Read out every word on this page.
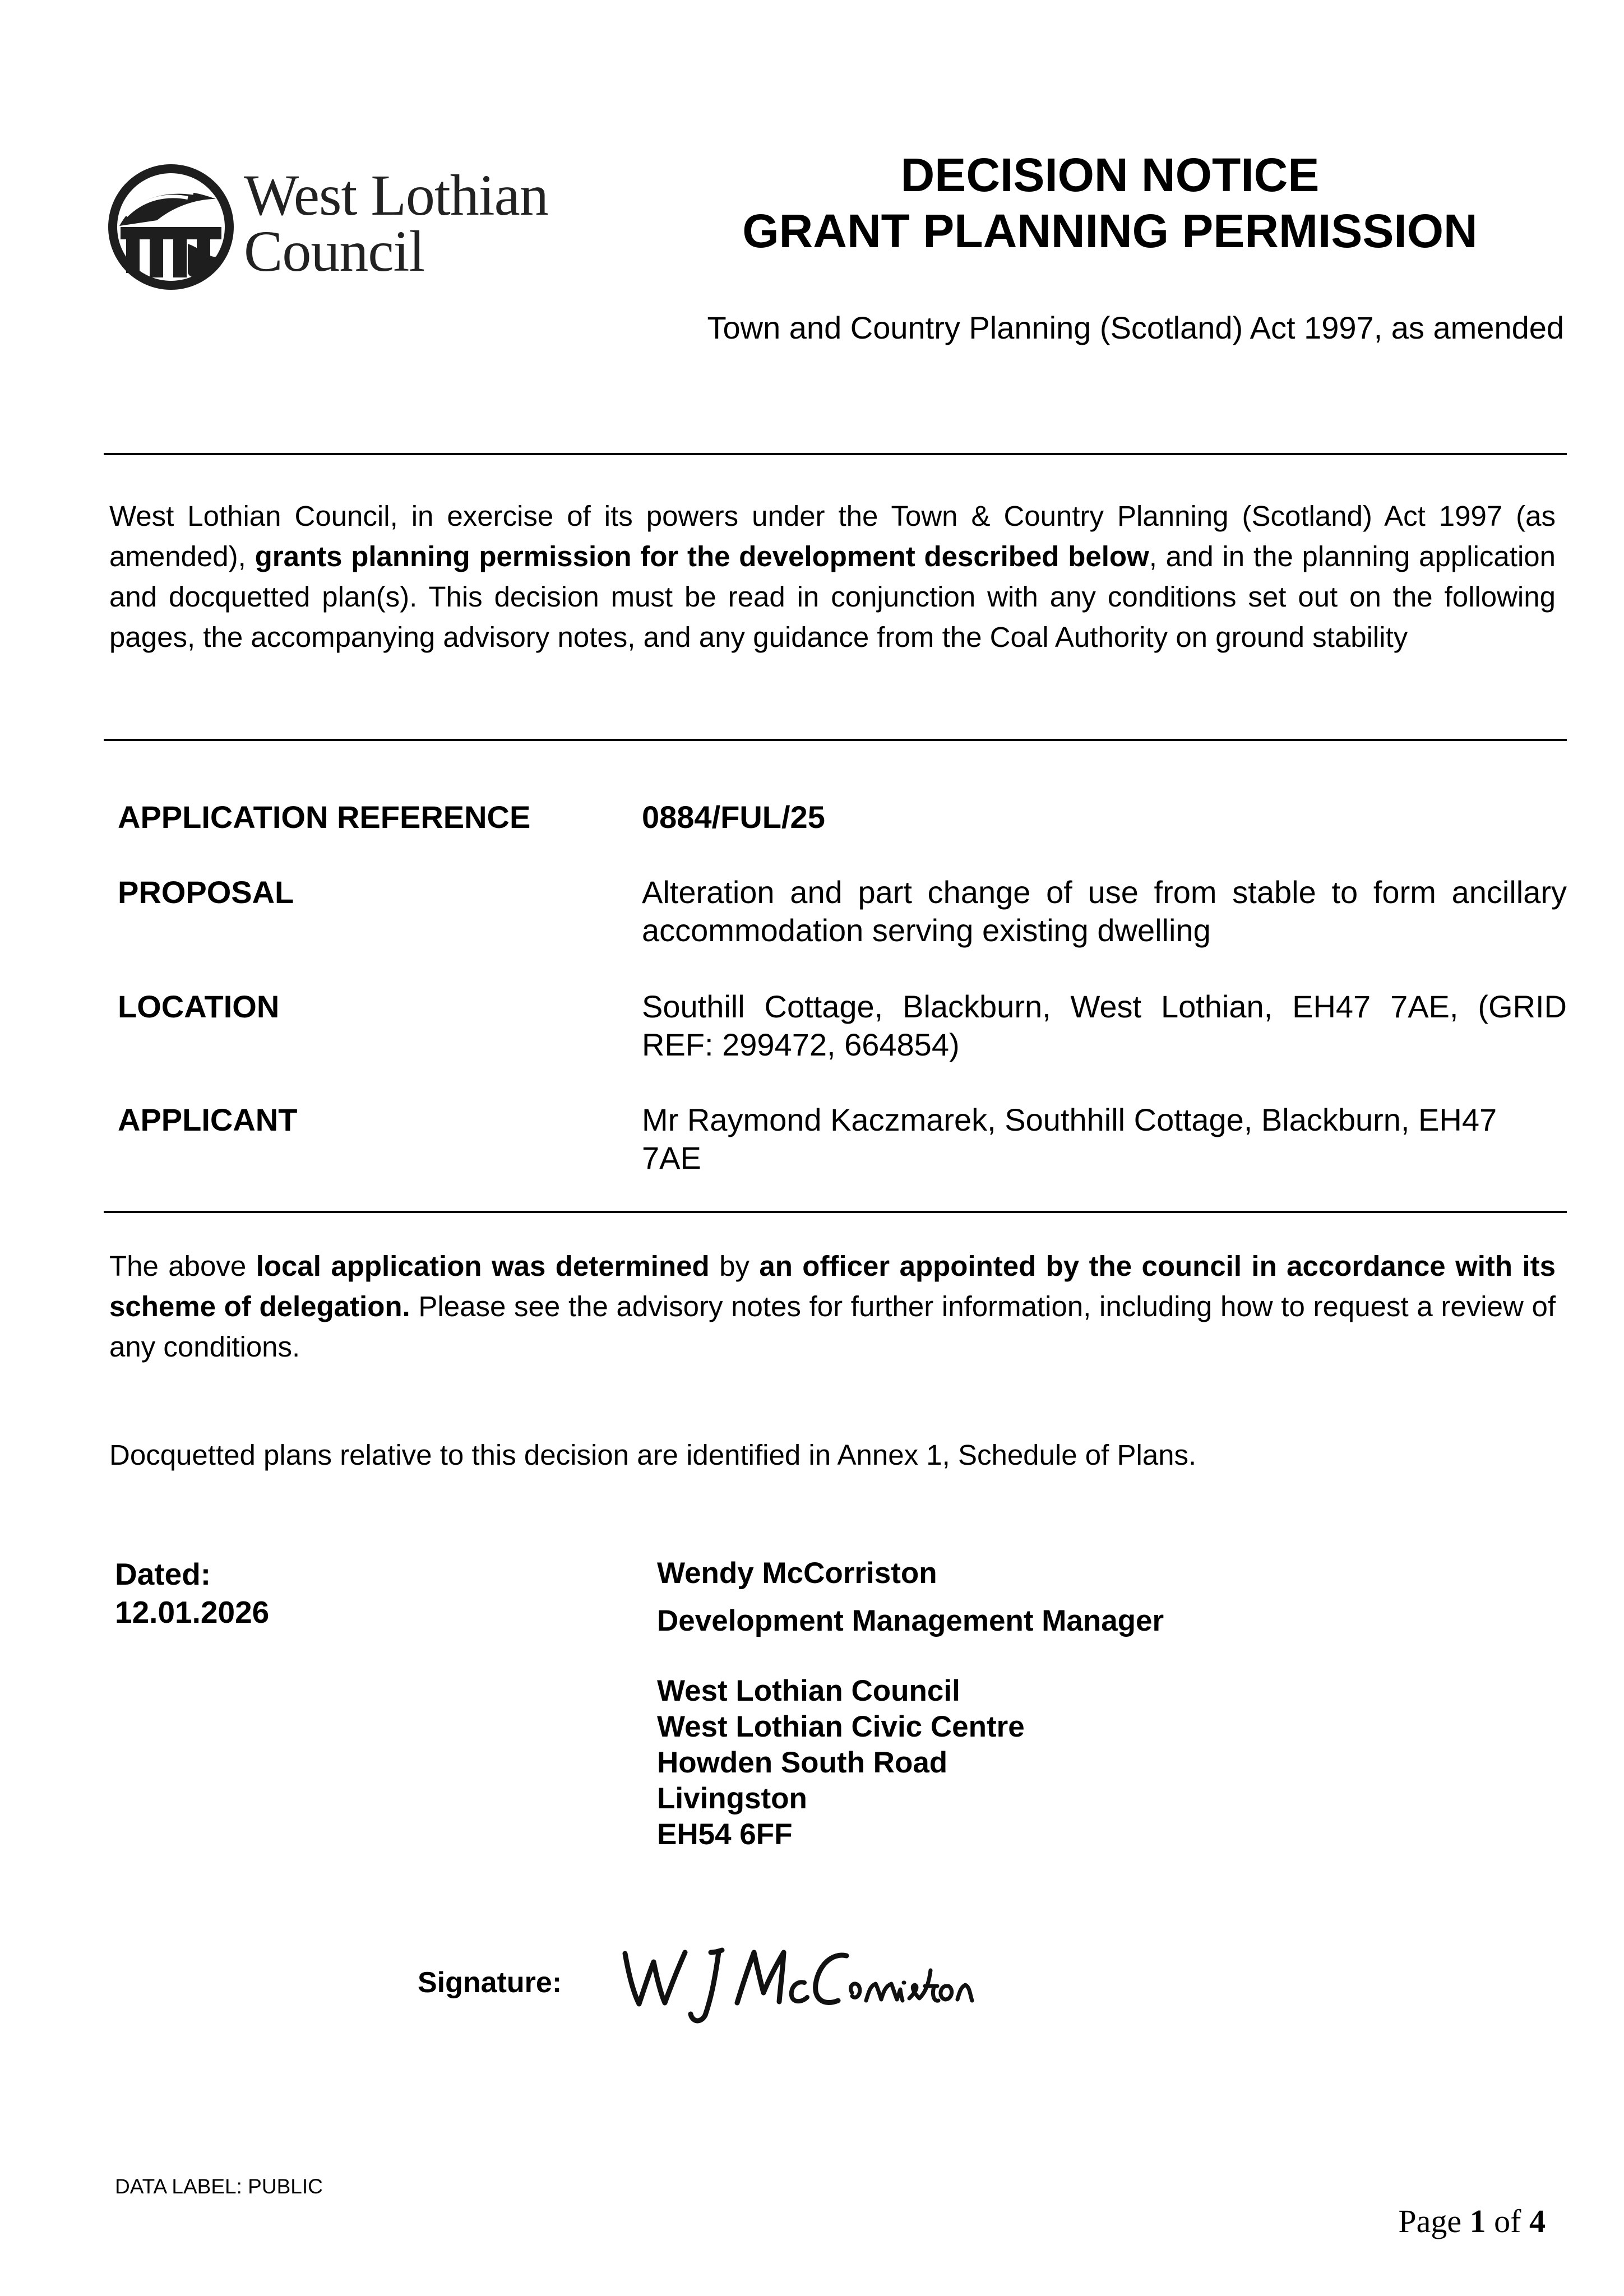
West Lothian
Council
DECISION NOTICE
GRANT PLANNING PERMISSION
Town and Country Planning (Scotland) Act 1997, as amended
West Lothian Council, in exercise of its powers under the Town & Country Planning (Scotland) Act 1997 (as amended), grants planning permission for the development described below, and in the planning application and docquetted plan(s). This decision must be read in conjunction with any conditions set out on the following pages, the accompanying advisory notes, and any guidance from the Coal Authority on ground stability
APPLICATION REFERENCE	0884/FUL/25
PROPOSAL	Alteration and part change of use from stable to form ancillary accommodation serving existing dwelling
LOCATION	Southill Cottage, Blackburn, West Lothian, EH47 7AE, (GRID REF: 299472, 664854)
APPLICANT	Mr Raymond Kaczmarek, Southhill Cottage, Blackburn, EH47 7AE
The above local application was determined by an officer appointed by the council in accordance with its scheme of delegation. Please see the advisory notes for further information, including how to request a review of any conditions.
Docquetted plans relative to this decision are identified in Annex 1, Schedule of Plans.
Dated:
12.01.2026
Wendy McCorriston
Development Management Manager
West Lothian Council
West Lothian Civic Centre
Howden South Road
Livingston
EH54 6FF
Signature:
DATA LABEL: PUBLIC
Page 1 of 4
